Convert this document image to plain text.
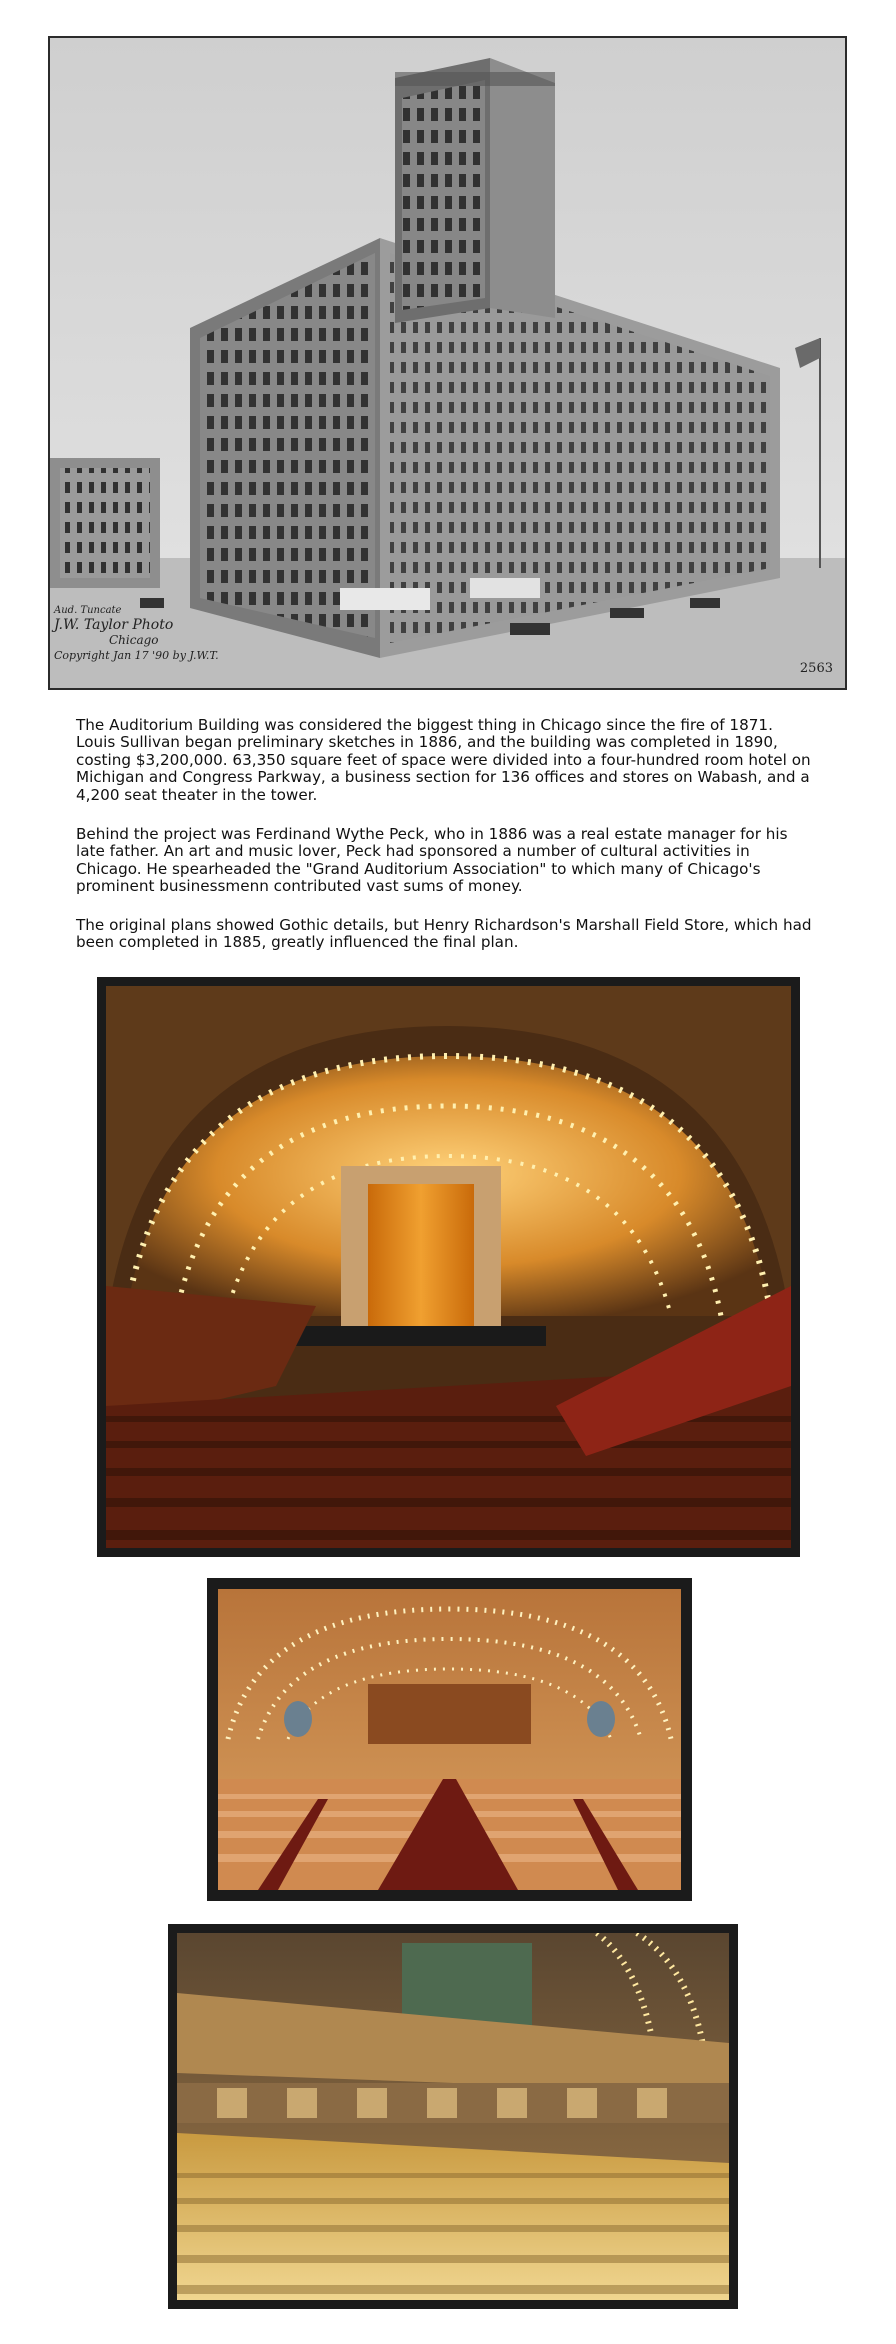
Aud. Tuncate
J.W. Taylor Photo
Chicago
Copyright Jan 17 '90 by J.W.T.
2563

The Auditorium Building was considered the biggest thing in Chicago since the fire of 1871. Louis Sullivan began preliminary sketches in 1886, and the building was completed in 1890, costing $3,200,000. 63,350 square feet of space were divided into a four-hundred room hotel on Michigan and Congress Parkway, a business section for 136 offices and stores on Wabash, and a 4,200 seat theater in the tower.

Behind the project was Ferdinand Wythe Peck, who in 1886 was a real estate manager for his late father. An art and music lover, Peck had sponsored a number of cultural activities in Chicago. He spearheaded the "Grand Auditorium Association" to which many of Chicago's prominent businessmenn contributed vast sums of money.

The original plans showed Gothic details, but Henry Richardson's Marshall Field Store, which had been completed in 1885, greatly influenced the final plan.
